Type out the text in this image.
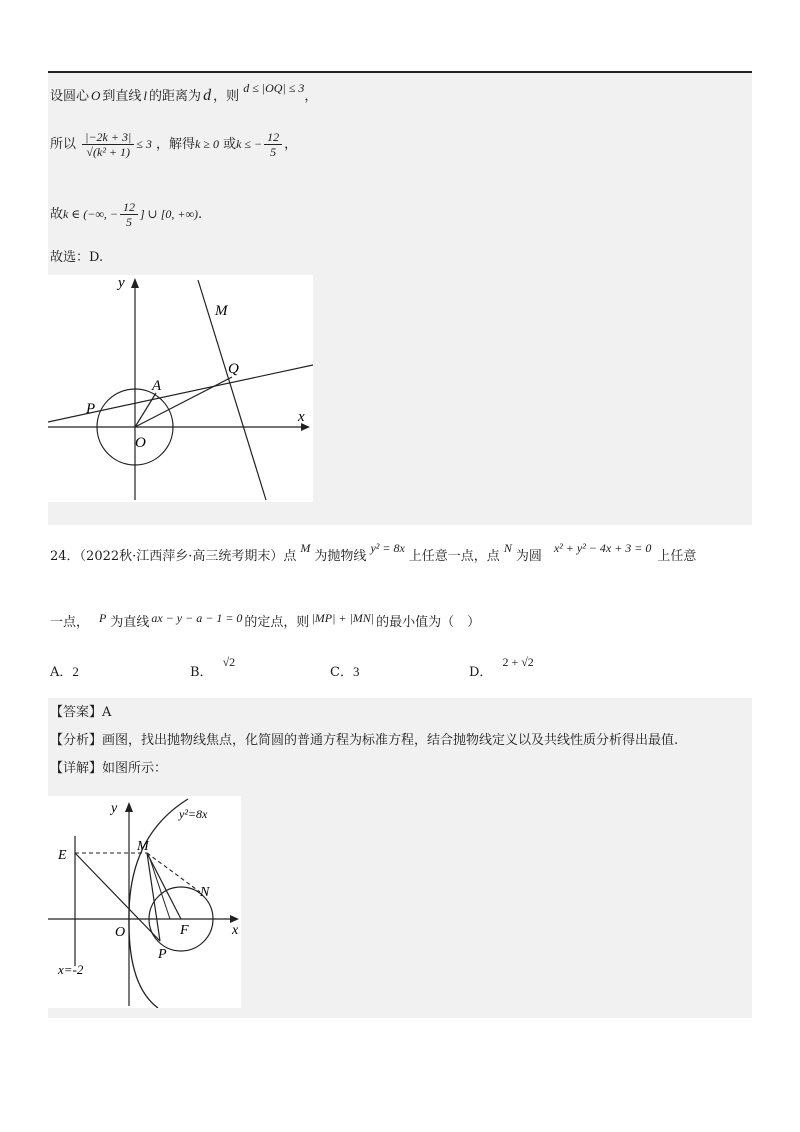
设圆心 O 到直线 l 的距离为 d ，则 d ≤ |OQ| ≤ 3，
所以 $\frac{|-2k + 3|}{\text{√(k² + 1)}} \le 3$ ，解得k ≥ 0 或k ≤ − $\frac{12}{5}$ ，
故k ∈ (−∞, − $\frac{12}{5}$ ] ∪ [0, +∞).
故选：D.
y
x
M
Q
A
P
O
24．（2022秋·江西萍乡·高三统考期末）点M为抛物线y² = 8x上任意一点，点N为圆x² + y² − 4x + 3 = 0上任意
一点， P 为直线 ax − y − a − 1 = 0 的定点，则 |MP| + |MN| 的最小值为（　）
A．2	B．√2
C．3	D．2 + √2
【答案】A
【分析】画图，找出抛物线焦点，化简圆的普通方程为标准方程，结合抛物线定义以及共线性质分析得出最值.
【详解】如图所示：
y
x
E
M
N
O	F
P
y²=8x
x=-2
